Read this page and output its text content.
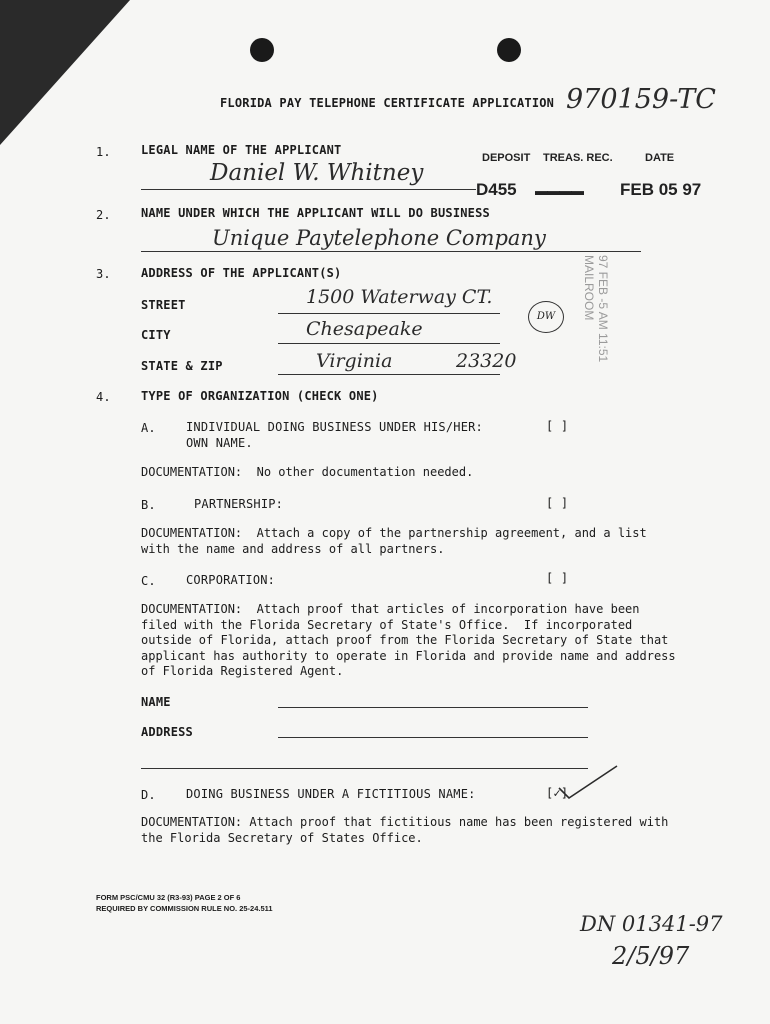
FLORIDA PAY TELEPHONE CERTIFICATE APPLICATION 970159-TC
DEPOSIT TREAS. REC.	DATE
D455 ▬▬▬▬ FEB 05 97
97 FEB -5 AM 11:51
MAILROOM
1.	LEGAL NAME OF THE APPLICANT
Daniel W. Whitney
2.	NAME UNDER WHICH THE APPLICANT WILL DO BUSINESS
Unique Paytelephone Company
3.	ADDRESS OF THE APPLICANT(S)
STREET	1500 Waterway CT.
CITY	Chesapeake
STATE & ZIP	Virginia	23320
DW
4.	TYPE OF ORGANIZATION (CHECK ONE)
A.	INDIVIDUAL DOING BUSINESS UNDER HIS/HER:
OWN NAME.
[ ]
DOCUMENTATION:  No other documentation needed.
B.	PARTNERSHIP:	[ ]
DOCUMENTATION:  Attach a copy of the partnership agreement, and a list
with the name and address of all partners.
C.	CORPORATION:	[ ]
DOCUMENTATION:  Attach proof that articles of incorporation have been
filed with the Florida Secretary of State's Office.  If incorporated
outside of Florida, attach proof from the Florida Secretary of State that
applicant has authority to operate in Florida and provide name and address
of Florida Registered Agent.
NAME
ADDRESS
D.	DOING BUSINESS UNDER A FICTITIOUS NAME:	[✓]
DOCUMENTATION: Attach proof that fictitious name has been registered with
the Florida Secretary of States Office.
FORM PSC/CMU 32 (R3-93) PAGE 2 OF 6
REQUIRED BY COMMISSION RULE NO. 25-24.511
DN 01341-97
2/5/97
